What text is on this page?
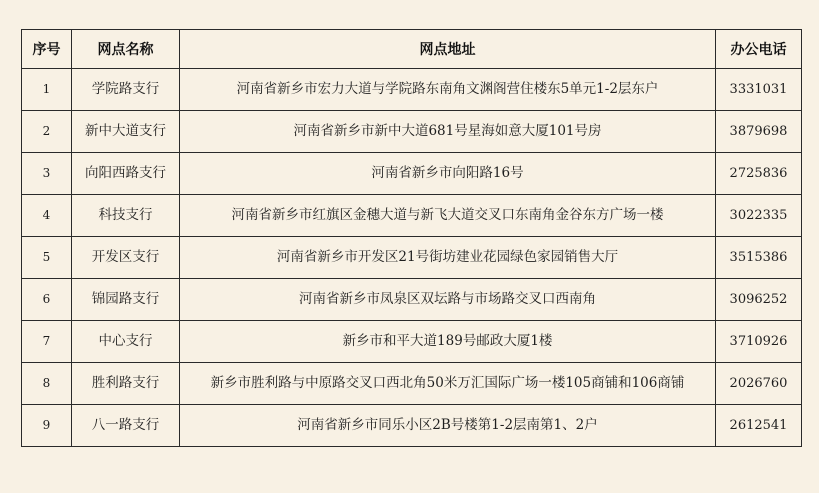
序号	网点名称	网点地址	办公电话
1	学院路支行	河南省新乡市宏力大道与学院路东南角文渊阁营住楼东5单元1-2层东户	3331031
2	新中大道支行	河南省新乡市新中大道681号星海如意大厦101号房	3879698
3	向阳西路支行	河南省新乡市向阳路16号	2725836
4	科技支行	河南省新乡市红旗区金穗大道与新飞大道交叉口东南角金谷东方广场一楼	3022335
5	开发区支行	河南省新乡市开发区21号街坊建业花园绿色家园销售大厅	3515386
6	锦园路支行	河南省新乡市凤泉区双坛路与市场路交叉口西南角	3096252
7	中心支行	新乡市和平大道189号邮政大厦1楼	3710926
8	胜利路支行	新乡市胜利路与中原路交叉口西北角50米万汇国际广场一楼105商铺和106商铺	2026760
9	八一路支行	河南省新乡市同乐小区2B号楼第1-2层南第1、2户	2612541
